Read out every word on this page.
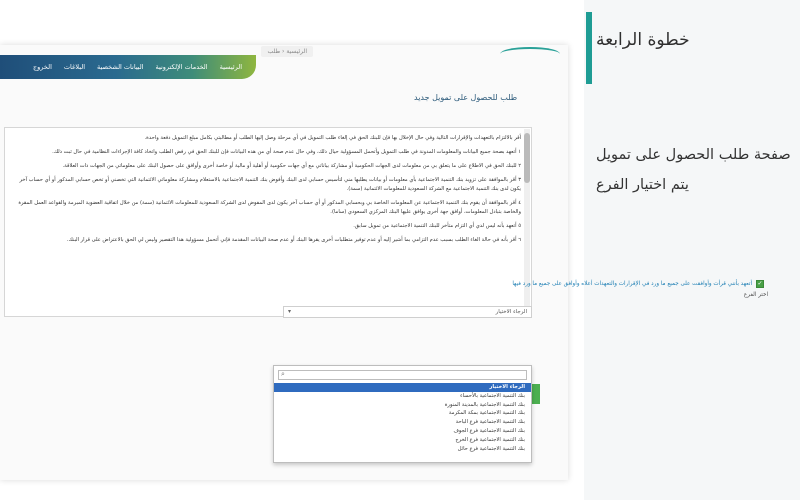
خطوة الرابعة
صفحة طلب الحصول على تمويل
يتم اختيار الفرع
الرئيسية
الخدمات الإلكترونية
البيانات الشخصية
البلاغات
الخروج
طلب للحصول على تمويل جديد

أقر بالالتزام بالتعهدات والإقرارات التالية وفي حال الإخلال بها فإن للبنك الحق في إلغاء طلب التمويل في أي مرحلة وصل إليها الطلب أو مطالبتي بكامل مبلغ التمويل دفعة واحدة.

١ أتعهد بصحة جميع البيانات والمعلومات المدونة في طلب التمويل وأتحمل المسؤولية حيال ذلك، وفي حال عدم صحة أي من هذه البيانات فإن للبنك الحق في رفض الطلب واتخاذ كافة الإجراءات النظامية في حال ثبت ذلك.

٢ للبنك الحق في الاطلاع على ما يتعلق بي من معلومات لدى الجهات الحكومية أو مشاركة بياناتي مع أي جهات حكومية أو أهلية أو مالية أو خاصة أخرى وأوافق على حصول البنك على معلوماتي من الجهات ذات العلاقة.

٣ أقر بالموافقة على تزويد بنك التنمية الاجتماعية بأي معلومات أو بيانات يطلبها مني لتأسيس حسابي لدى البنك وأفوض بنك التنمية الاجتماعية بالاستعلام ومشاركة معلوماتي الائتمانية التي تخصني أو تخص حسابي المذكور أو أي حساب آخر يكون لدى بنك التنمية الاجتماعية مع الشركة السعودية للمعلومات الائتمانية (سمة).

٤ أقر بالموافقة أن يقوم بنك التنمية الاجتماعية عن المعلومات الخاصة بي وبحسابي المذكور أو أي حساب آخر يكون لدى المفوض لدى الشركة السعودية للمعلومات الائتمانية (سمة) من خلال اتفاقية العضوية المبرمة والقواعد العمل المقرة والخاصة بتبادل المعلومات، أوافق جهة أخرى يوافق عليها البنك المركزي السعودي (ساما).

٥ أتعهد بأنه ليس لدي أي التزام متأخر للبنك التنمية الاجتماعية من تمويل سابق.

٦ أقر بأنه في حالة الغاء الطلب بسبب عدم التزامي بما أشير إليه أو عدم توفير متطلبات أخرى يقرها البنك أو عدم صحة البيانات المقدمة فإني أتحمل مسؤولية هذا التقصير وليس لي الحق بالاعتراض على قرار البنك.

الرئيسية ‹ طلب
✓
أتعهد بأنني قرأت وأوافقت على جميع ما ورد في الإقرارات والتعهدات أعلاه وأوافق على جميع ما ورد فيها
اختر الفرع
▾	الرجاء الاختيار
⌕
الرجاء الاختيار
بنك التنمية الاجتماعية بالأحساء
بنك التنمية الاجتماعية بالمدينة المنورة
بنك التنمية الاجتماعية بمكة المكرمة
بنك التنمية الاجتماعية فرع الباحة
بنك التنمية الاجتماعية فرع الجوف
بنك التنمية الاجتماعية فرع الخرج
بنك التنمية الاجتماعية فرع حائل
